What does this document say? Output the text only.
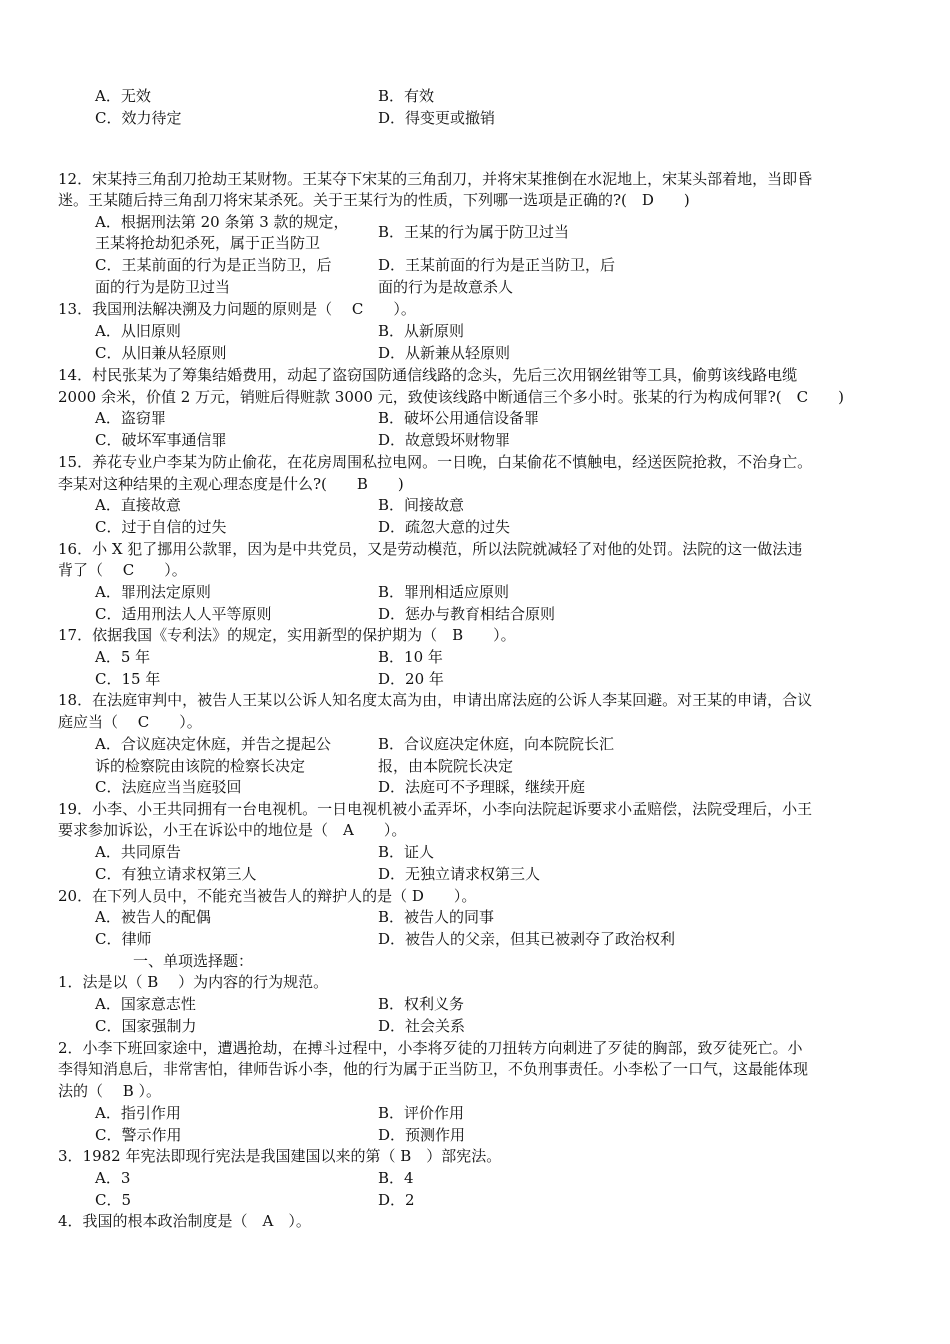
A．无效	B．有效
C．效力待定	D．得变更或撤销
12．宋某持三角刮刀抢劫王某财物。王某夺下宋某的三角刮刀，并将宋某推倒在水泥地上，宋某头部着地，当即昏
迷。王某随后持三角刮刀将宋某杀死。关于王某行为的性质，下列哪一选项是正确的?(　D　　)
A．根据刑法第 20 条第 3 款的规定，
王某将抢劫犯杀死，属于正当防卫
B．王某的行为属于防卫过当
C．王某前面的行为是正当防卫，后
面的行为是防卫过当
D．王某前面的行为是正当防卫，后
面的行为是故意杀人
13．我国刑法解决溯及力问题的原则是（　 C　　）。
A．从旧原则	B．从新原则
C．从旧兼从轻原则	D．从新兼从轻原则
14．村民张某为了筹集结婚费用，动起了盗窃国防通信线路的念头，先后三次用钢丝钳等工具，偷剪该线路电缆
2000 余米，价值 2 万元，销赃后得赃款 3000 元，致使该线路中断通信三个多小时。张某的行为构成何罪?(　C　　)
A．盗窃罪	B．破坏公用通信设备罪
C．破坏军事通信罪	D．故意毁坏财物罪
15．养花专业户李某为防止偷花，在花房周围私拉电网。一日晚，白某偷花不慎触电，经送医院抢救，不治身亡。
李某对这种结果的主观心理态度是什么?(　　B　　)
A．直接故意	B．间接故意
C．过于自信的过失	D．疏忽大意的过失
16．小 X 犯了挪用公款罪，因为是中共党员，又是劳动模范，所以法院就减轻了对他的处罚。法院的这一做法违
背了（　 C　　）。
A．罪刑法定原则	B．罪刑相适应原则
C．适用刑法人人平等原则	D．惩办与教育相结合原则
17．依据我国《专利法》的规定，实用新型的保护期为（　B　　）。
A．5 年	B．10 年
C．15 年	D．20 年
18．在法庭审判中，被告人王某以公诉人知名度太高为由，申请出席法庭的公诉人李某回避。对王某的申请，合议
庭应当（　 C　　）。
A．合议庭决定休庭，并告之提起公
诉的检察院由该院的检察长决定
B．合议庭决定休庭，向本院院长汇
报，由本院院长决定
C．法庭应当当庭驳回	D．法庭可不予理睬，继续开庭
19．小李、小王共同拥有一台电视机。一日电视机被小孟弄坏，小李向法院起诉要求小孟赔偿，法院受理后，小王
要求参加诉讼，小王在诉讼中的地位是（　A　　）。
A．共同原告	B．证人
C．有独立请求权第三人	D．无独立请求权第三人
20．在下列人员中，不能充当被告人的辩护人的是（ D　　）。
A．被告人的配偶	B．被告人的同事
C．律师	D．被告人的父亲，但其已被剥夺了政治权利
一、单项选择题：
1．法是以（ B　 ）为内容的行为规范。
A．国家意志性	B．权利义务
C．国家强制力	D．社会关系
2．小李下班回家途中，遭遇抢劫，在搏斗过程中，小李将歹徒的刀扭转方向刺进了歹徒的胸部，致歹徒死亡。小
李得知消息后，非常害怕，律师告诉小李，他的行为属于正当防卫，不负刑事责任。小李松了一口气，这最能体现
法的（　 B ）。
A．指引作用	B．评价作用
C．警示作用	D．预测作用
3．1982 年宪法即现行宪法是我国建国以来的第（ B　）部宪法。
A．3	B．4
C．5	D．2
4．我国的根本政治制度是（　A　）。
